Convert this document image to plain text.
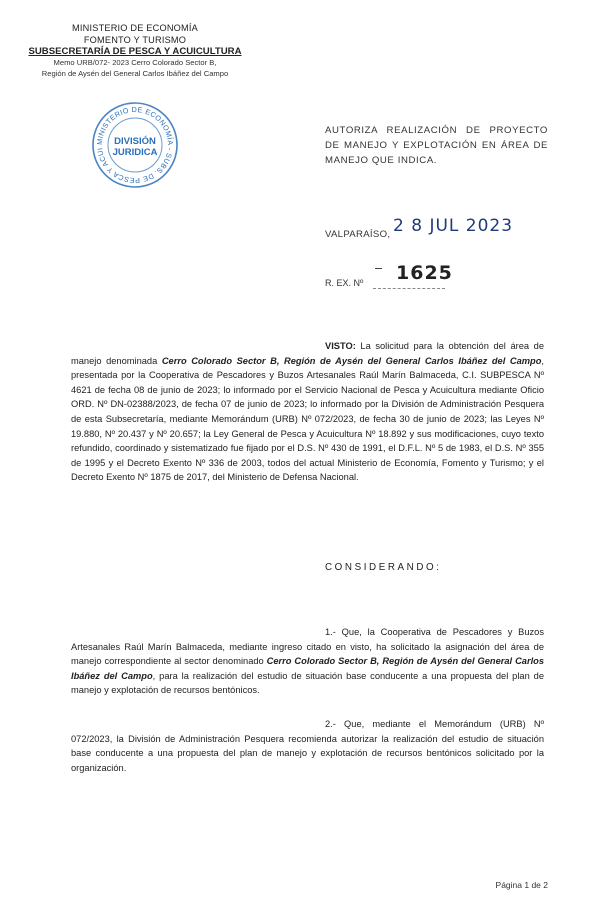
MINISTERIO DE ECONOMÍA
FOMENTO Y TURISMO
SUBSECRETARÍA DE PESCA Y ACUICULTURA
Memo URB/072- 2023 Cerro Colorado Sector B,
Región de Aysén del General Carlos Ibáñez del Campo
MINISTERIO DE ECONOMÍA - SUBS. DE PESCA Y ACUI
DIVISIÓN
JURIDICA
AUTORIZA REALIZACIÓN DE PROYECTO DE MANEJO Y EXPLOTACIÓN EN ÁREA DE MANEJO QUE INDICA.
VALPARAÍSO, 2 8 JUL 2023
R. EX. Nº 1625
VISTO: La solicitud para la obtención del área de manejo denominada Cerro Colorado Sector B, Región de Aysén del General Carlos Ibáñez del Campo, presentada por la Cooperativa de Pescadores y Buzos Artesanales Raúl Marín Balmaceda, C.I. SUBPESCA Nº 4621 de fecha 08 de junio de 2023; lo informado por el Servicio Nacional de Pesca y Acuicultura mediante Oficio ORD. Nº DN-02388/2023, de fecha 07 de junio de 2023; lo informado por la División de Administración Pesquera de esta Subsecretaría, mediante Memorándum (URB) Nº 072/2023, de fecha 30 de junio de 2023; las Leyes Nº 19.880, Nº 20.437 y Nº 20.657; la Ley General de Pesca y Acuicultura Nº 18.892 y sus modificaciones, cuyo texto refundido, coordinado y sistematizado fue fijado por el D.S. Nº 430 de 1991, el D.F.L. Nº 5 de 1983, el D.S. Nº 355 de 1995 y el Decreto Exento Nº 336 de 2003, todos del actual Ministerio de Economía, Fomento y Turismo; y el Decreto Exento Nº 1875 de 2017, del Ministerio de Defensa Nacional.
CONSIDERANDO:
1.- Que, la Cooperativa de Pescadores y Buzos Artesanales Raúl Marín Balmaceda, mediante ingreso citado en visto, ha solicitado la asignación del área de manejo correspondiente al sector denominado Cerro Colorado Sector B, Región de Aysén del General Carlos Ibáñez del Campo, para la realización del estudio de situación base conducente a una propuesta del plan de manejo y explotación de recursos bentónicos.
2.- Que, mediante el Memorándum (URB) Nº 072/2023, la División de Administración Pesquera recomienda autorizar la realización del estudio de situación base conducente a una propuesta del plan de manejo y explotación de recursos bentónicos solicitado por la organización.
Página 1 de 2
